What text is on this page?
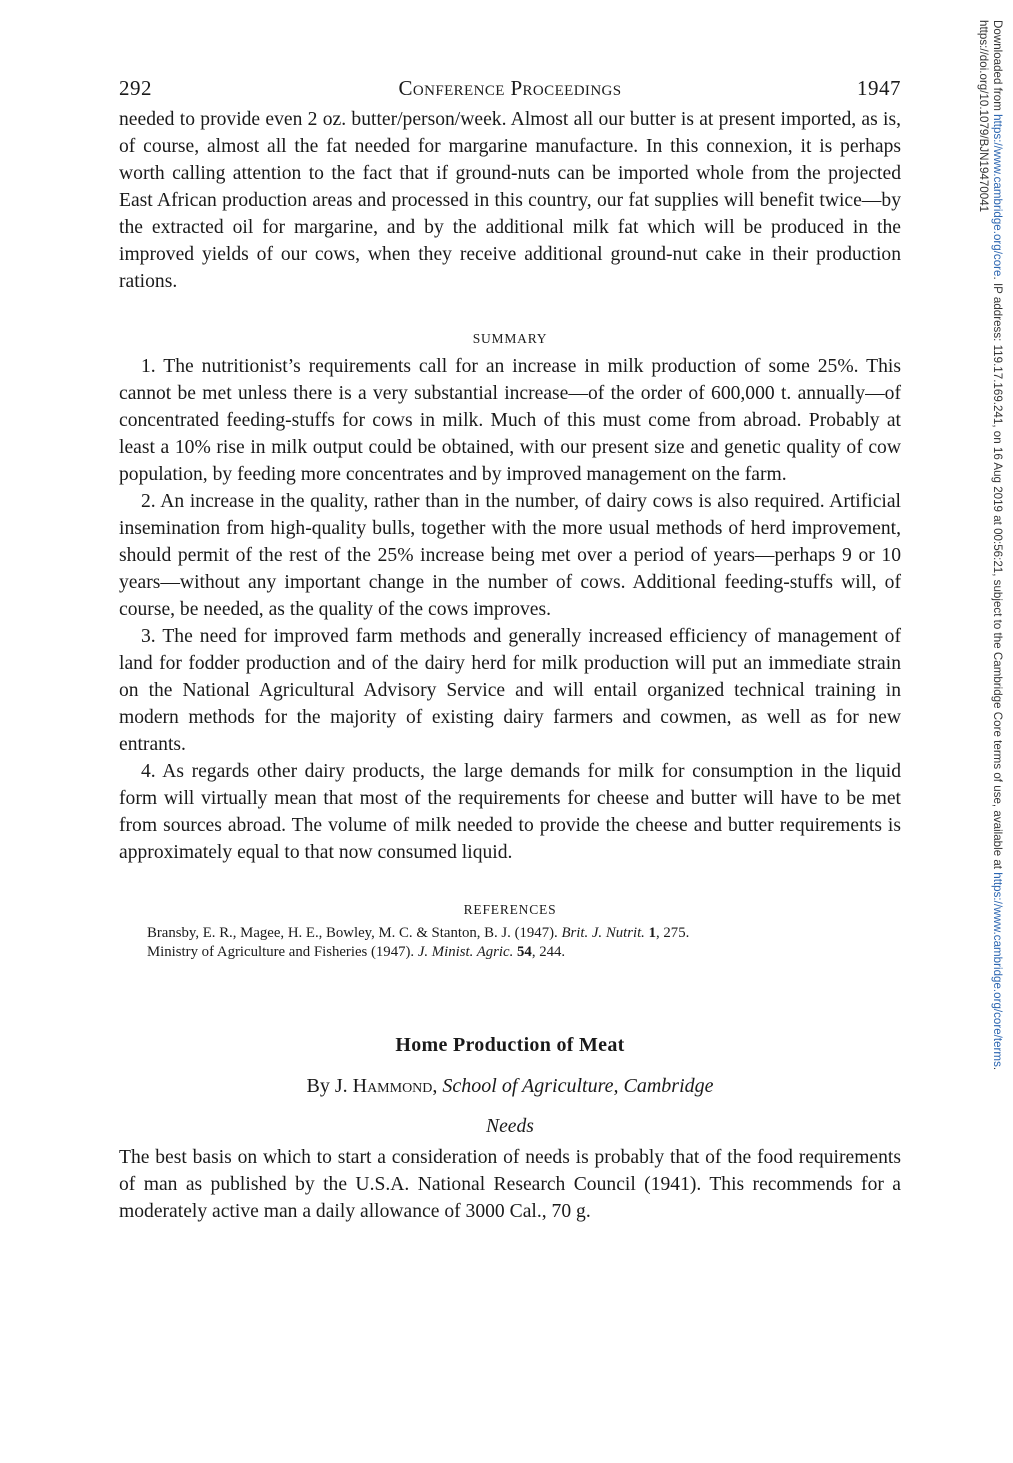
292	Conference Proceedings	1947

needed to provide even 2 oz. butter/person/week. Almost all our butter is at present imported, as is, of course, almost all the fat needed for margarine manufacture. In this connexion, it is perhaps worth calling attention to the fact that if ground-nuts can be imported whole from the projected East African production areas and processed in this country, our fat supplies will benefit twice—by the extracted oil for margarine, and by the additional milk fat which will be produced in the improved yields of our cows, when they receive additional ground-nut cake in their production rations.

SUMMARY

1. The nutritionist’s requirements call for an increase in milk production of some 25%. This cannot be met unless there is a very substantial increase—of the order of 600,000 t. annually—of concentrated feeding-stuffs for cows in milk. Much of this must come from abroad. Probably at least a 10% rise in milk output could be obtained, with our present size and genetic quality of cow population, by feeding more concentrates and by improved management on the farm.

2. An increase in the quality, rather than in the number, of dairy cows is also required. Artificial insemination from high-quality bulls, together with the more usual methods of herd improvement, should permit of the rest of the 25% increase being met over a period of years—perhaps 9 or 10 years—without any important change in the number of cows. Additional feeding-stuffs will, of course, be needed, as the quality of the cows improves.

3. The need for improved farm methods and generally increased efficiency of management of land for fodder production and of the dairy herd for milk production will put an immediate strain on the National Agricultural Advisory Service and will entail organized technical training in modern methods for the majority of existing dairy farmers and cowmen, as well as for new entrants.

4. As regards other dairy products, the large demands for milk for consumption in the liquid form will virtually mean that most of the requirements for cheese and butter will have to be met from sources abroad. The volume of milk needed to provide the cheese and butter requirements is approximately equal to that now consumed liquid.

REFERENCES
Bransby, E. R., Magee, H. E., Bowley, M. C. & Stanton, B. J. (1947). Brit. J. Nutrit. 1, 275.
Ministry of Agriculture and Fisheries (1947). J. Minist. Agric. 54, 244.
Home Production of Meat
By J. Hammond, School of Agriculture, Cambridge
Needs

The best basis on which to start a consideration of needs is probably that of the food requirements of man as published by the U.S.A. National Research Council (1941). This recommends for a moderately active man a daily allowance of 3000 Cal., 70 g.

Downloaded from https://www.cambridge.org/core. IP address: 119.17.169.241, on 16 Aug 2019 at 00:56:21, subject to the Cambridge Core terms of use, available at https://www.cambridge.org/core/terms.
https://doi.org/10.1079/BJN19470041
